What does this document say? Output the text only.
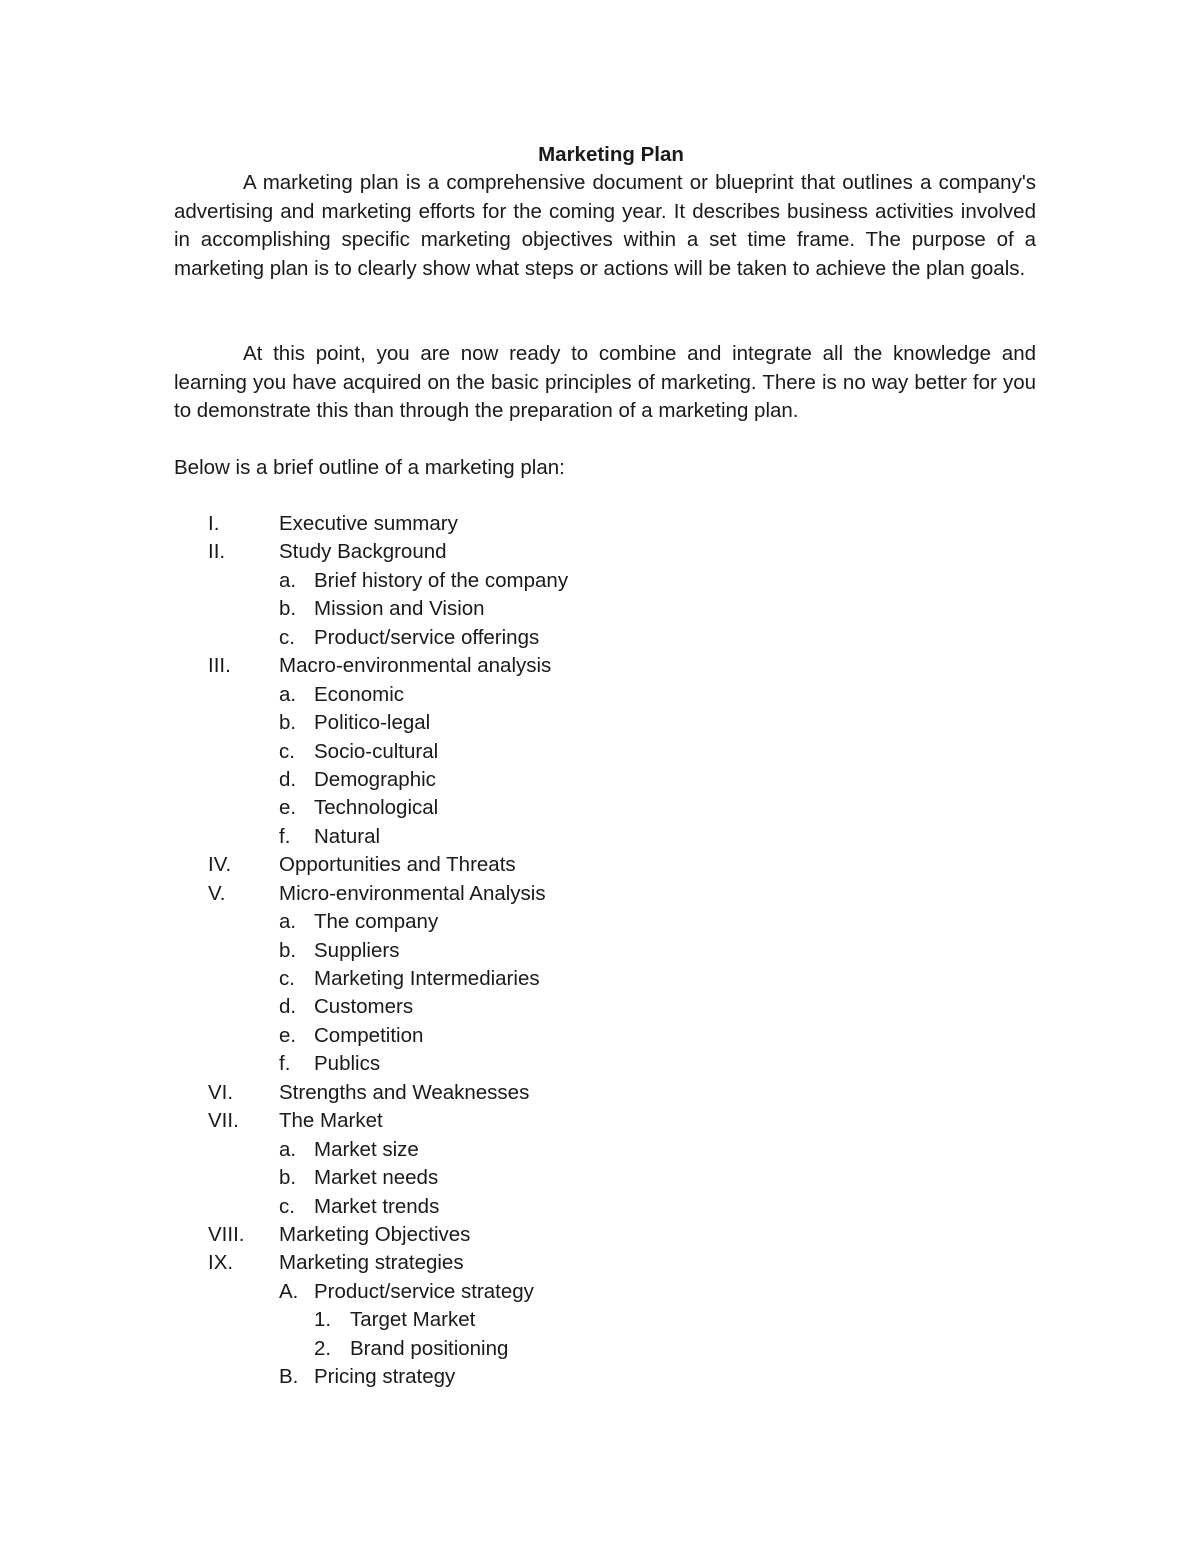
Marketing Plan

A marketing plan is a comprehensive document or blueprint that outlines a company's advertising and marketing efforts for the coming year. It describes business activities involved in accomplishing specific marketing objectives within a set time frame. The purpose of a marketing plan is to clearly show what steps or actions will be taken to achieve the plan goals.

At this point, you are now ready to combine and integrate all the knowledge and learning you have acquired on the basic principles of marketing. There is no way better for you to demonstrate this than through the preparation of a marketing plan.

Below is a brief outline of a marketing plan:

I.	Executive summary
II.	Study Background
a. Brief history of the company
b. Mission and Vision
c. Product/service offerings
III. Macro-environmental analysis
a. Economic
b. Politico-legal
c. Socio-cultural
d. Demographic
e. Technological
f. Natural
IV. Opportunities and Threats
V.	Micro-environmental Analysis
a. The company
b. Suppliers
c. Marketing Intermediaries
d. Customers
e. Competition
f. Publics
VI. Strengths and Weaknesses
VII. The Market
a. Market size
b. Market needs
c. Market trends
VIII. Marketing Objectives
IX. Marketing strategies
A. Product/service strategy
1. Target Market
2. Brand positioning
B. Pricing strategy
